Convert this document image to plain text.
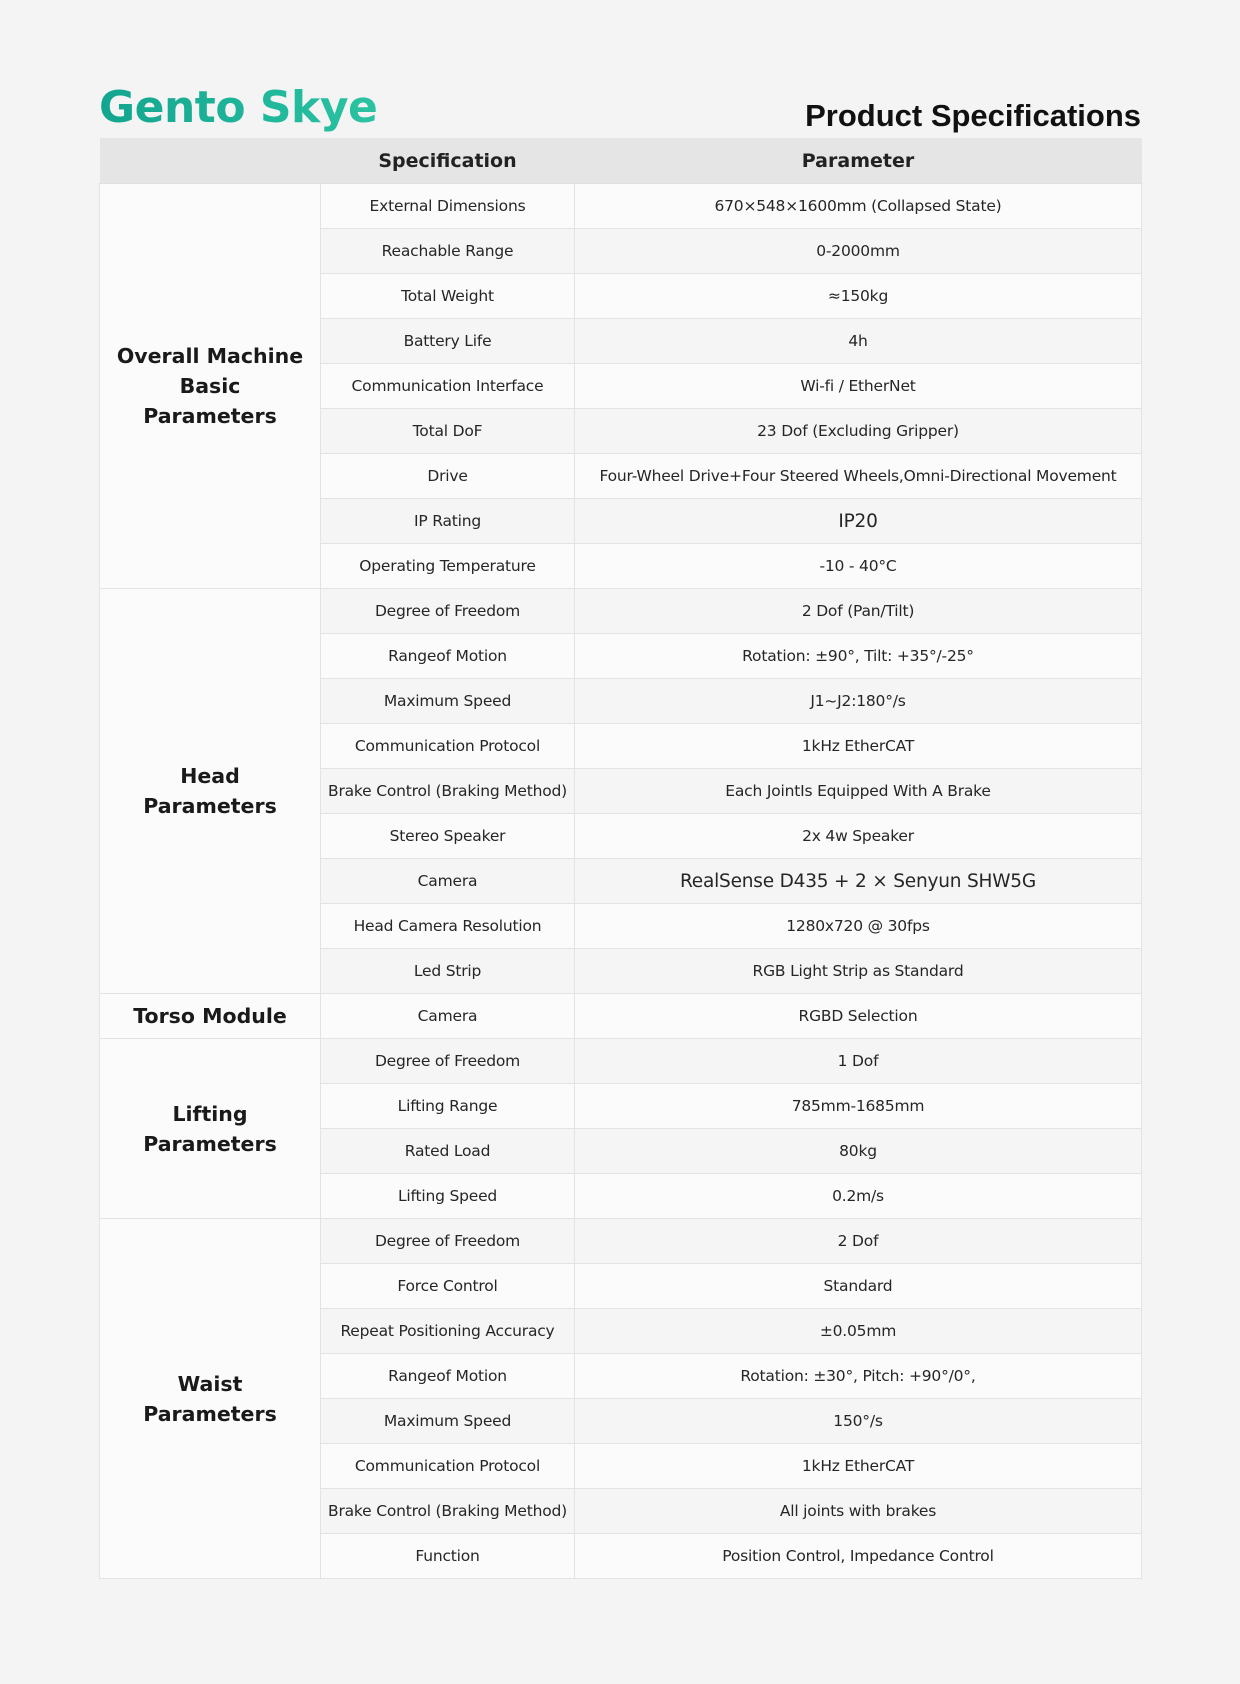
Gento Skye	Product Specifications
	Specification	Parameter
Overall Machine Basic Parameters	External Dimensions	670×548×1600mm (Collapsed State)
	Reachable Range	0-2000mm
	Total Weight	≈150kg
	Battery Life	4h
	Communication Interface	Wi-fi / EtherNet
	Total DoF	23 Dof (Excluding Gripper)
	Drive	Four-Wheel Drive+Four Steered Wheels,Omni-Directional Movement
	IP Rating	IP20
	Operating Temperature	-10 - 40°C
Head Parameters	Degree of Freedom	2 Dof (Pan/Tilt)
	Rangeof Motion	Rotation: ±90°, Tilt: +35°/-25°
	Maximum Speed	J1~J2:180°/s
	Communication Protocol	1kHz EtherCAT
	Brake Control (Braking Method)	Each JointIs Equipped With A Brake
	Stereo Speaker	2x 4w Speaker
	Camera	RealSense D435 + 2 × Senyun SHW5G
	Head Camera Resolution	1280x720 @ 30fps
	Led Strip	RGB Light Strip as Standard
Torso Module	Camera	RGBD Selection
Lifting Parameters	Degree of Freedom	1 Dof
	Lifting Range	785mm-1685mm
	Rated Load	80kg
	Lifting Speed	0.2m/s
Waist Parameters	Degree of Freedom	2 Dof
	Force Control	Standard
	Repeat Positioning Accuracy	±0.05mm
	Rangeof Motion	Rotation: ±30°, Pitch: +90°/0°,
	Maximum Speed	150°/s
	Communication Protocol	1kHz EtherCAT
	Brake Control (Braking Method)	All joints with brakes
	Function	Position Control, Impedance Control
